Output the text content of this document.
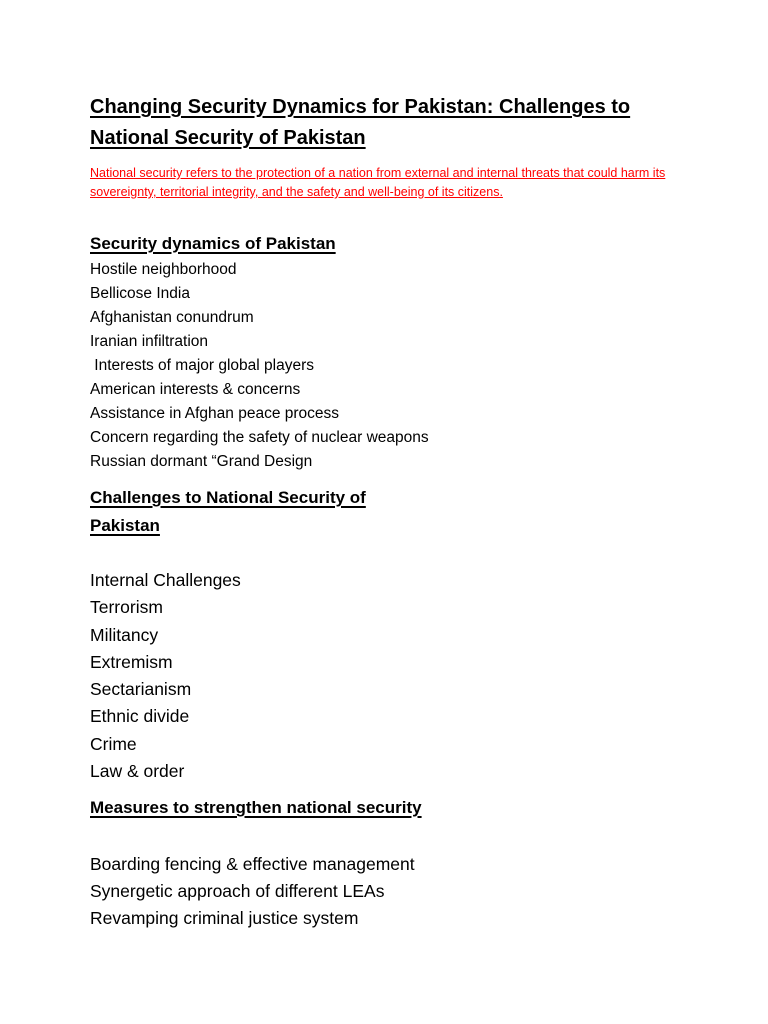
Changing Security Dynamics for Pakistan: Challenges to National Security of Pakistan

National security refers to the protection of a nation from external and internal threats that could harm its sovereignty, territorial integrity, and the safety and well-being of its citizens.

Security dynamics of Pakistan
Hostile neighborhood
Bellicose India
Afghanistan conundrum
Iranian infiltration
Interests of major global players
American interests & concerns
Assistance in Afghan peace process
Concern regarding the safety of nuclear weapons
Russian dormant “Grand Design
Challenges to National Security of Pakistan
Internal Challenges
Terrorism
Militancy
Extremism
Sectarianism
Ethnic divide
Crime
Law & order
Measures to strengthen national security
Boarding fencing & effective management
Synergetic approach of different LEAs
Revamping criminal justice system
